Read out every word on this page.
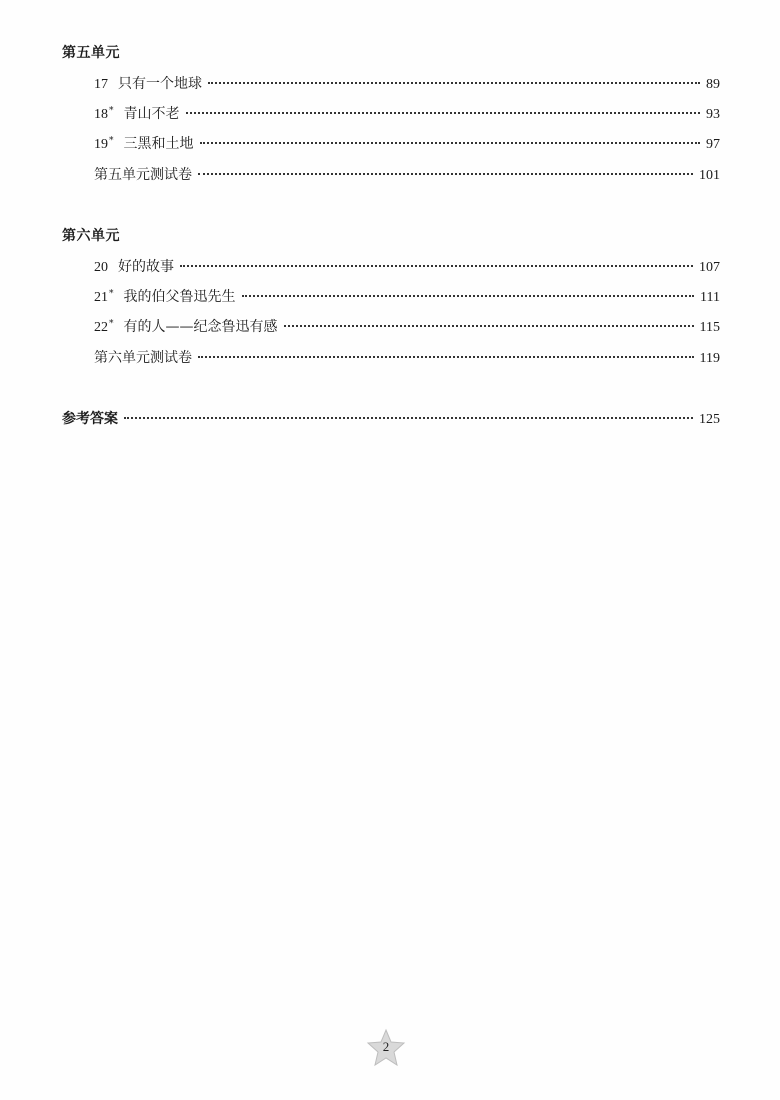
第五单元
17 只有一个地球	89
18 * 青山不老	93
19 * 三黑和土地	97
第五单元测试卷	101
第六单元
20 好的故事	107
21 * 我的伯父鲁迅先生	111
22 * 有的人——纪念鲁迅有感	115
第六单元测试卷	119
参考答案	125
2
